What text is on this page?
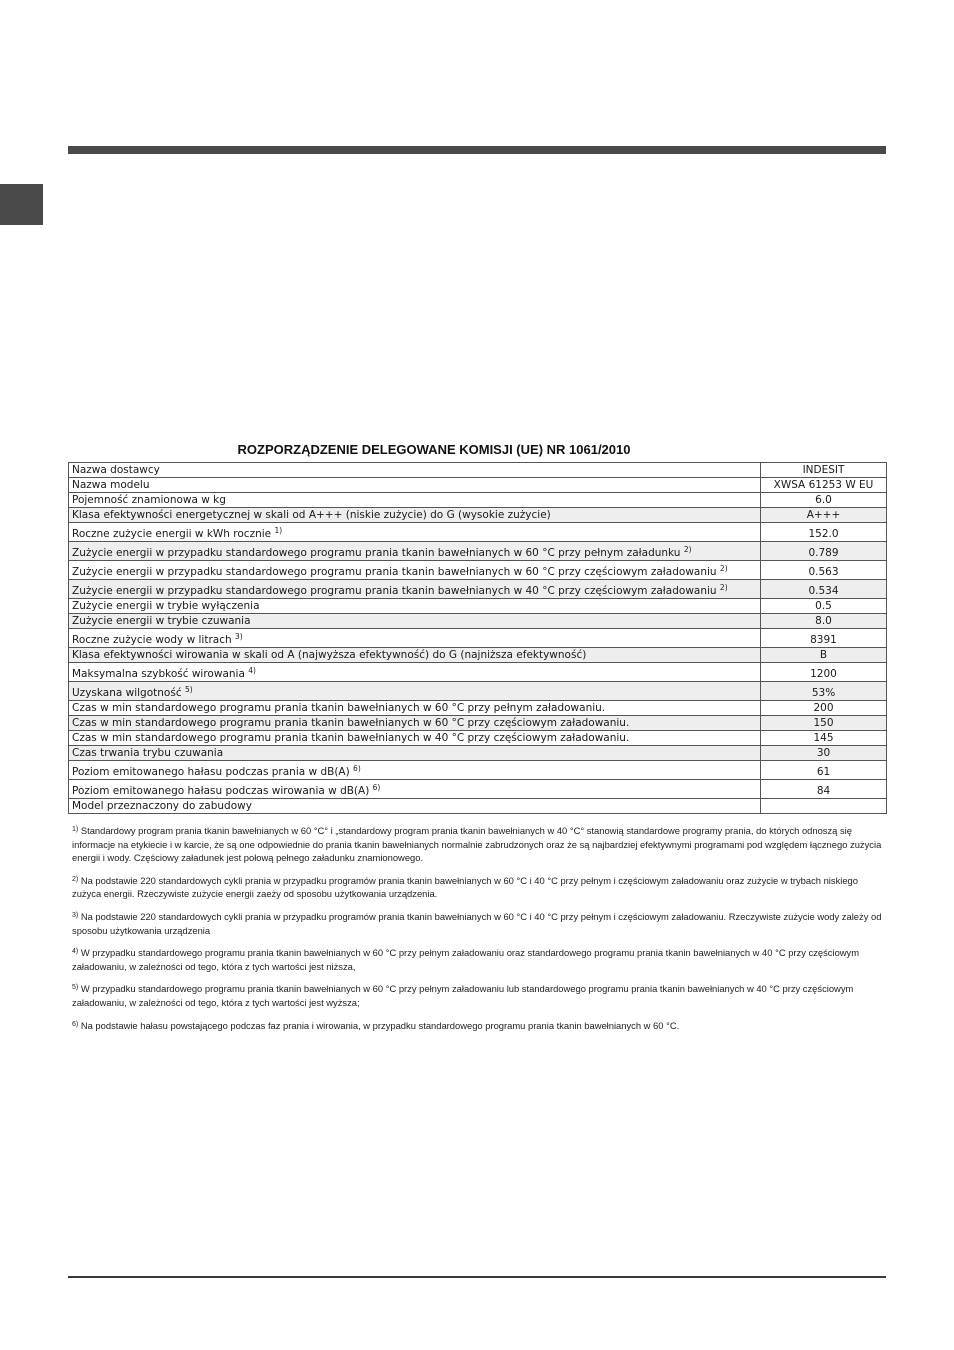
ROZPORZĄDZENIE DELEGOWANE KOMISJI (UE) NR 1061/2010
Nazwa dostawcy	INDESIT
Nazwa modelu	XWSA 61253 W EU
Pojemność znamionowa w kg	6.0
Klasa efektywności energetycznej w skali od A+++ (niskie zużycie) do G (wysokie zużycie)	A+++
Roczne zużycie energii w kWh rocznie $^{1)}$	152.0
Zużycie energii w przypadku standardowego programu prania tkanin bawełnianych w 60 °C przy pełnym załadunku $^{2)}$	0.789
Zużycie energii w przypadku standardowego programu prania tkanin bawełnianych w 60 °C przy częściowym załadowaniu $^{2)}$	0.563
Zużycie energii w przypadku standardowego programu prania tkanin bawełnianych w 40 °C przy częściowym załadowaniu $^{2)}$	0.534
Zużycie energii w trybie wyłączenia	0.5
Zużycie energii w trybie czuwania	8.0
Roczne zużycie wody w litrach $^{3)}$	8391
Klasa efektywności wirowania w skali od A (najwyższa efektywność) do G (najniższa efektywność)	B
Maksymalna szybkość wirowania $^{4)}$	1200
Uzyskana wilgotność $^{5)}$	53%
Czas w min standardowego programu prania tkanin bawełnianych w 60 °C przy pełnym załadowaniu.	200
Czas w min standardowego programu prania tkanin bawełnianych w 60 °C przy częściowym załadowaniu.	150
Czas w min standardowego programu prania tkanin bawełnianych w 40 °C przy częściowym załadowaniu.	145
Czas trwania trybu czuwania	30
Poziom emitowanego hałasu podczas prania w dB(A) $^{6)}$	61
Poziom emitowanego hałasu podczas wirowania w dB(A) $^{6)}$	84
Model przeznaczony do zabudowy	
$^{1)}$ Standardowy program prania tkanin bawełnianych w 60 °C° i „standardowy program prania tkanin bawełnianych w 40 °C° stanowią standardowe programy prania, do których odnoszą się informacje na etykiecie i w karcie, że są one odpowiednie do prania tkanin bawełnianych normalnie zabrudzonych oraz że są najbardziej efektywnymi programami pod względem łącznego zużycia energii i wody. Częściowy załadunek jest połową pełnego załadunku znamionowego.
$^{2)}$ Na podstawie 220 standardowych cykli prania w przypadku programów prania tkanin bawełnianych w 60 °C i 40 °C przy pełnym i częściowym załadowaniu oraz zużycie w trybach niskiego zużyca energii. Rzeczywiste zużycie energii zaeży od sposobu użytkowania urządzenia.
$^{3)}$ Na podstawie 220 standardowych cykli prania w przypadku programów prania tkanin bawełnianych w 60 °C i 40 °C przy pełnym i częściowym załadowaniu. Rzeczywiste zużycie wody zależy od sposobu użytkowania urządzenia
$^{4)}$ W przypadku standardowego programu prania tkanin bawełnianych w 60 °C przy pełnym załadowaniu oraz standardowego programu prania tkanin bawełnianych w 40 °C przy częściowym załadowaniu, w zależności od tego, która z tych wartości jest niższa,
$^{5)}$ W przypadku standardowego programu prania tkanin bawełnianych w 60 °C przy pełnym załadowaniu lub standardowego programu prania tkanin bawełnianych w 40 °C przy częściowym załadowaniu, w zależności od tego, która z tych wartości jest wyższa;
$^{6)}$ Na podstawie hałasu powstającego podczas faz prania i wirowania, w przypadku standardowego programu prania tkanin bawełnianych w 60 °C.
